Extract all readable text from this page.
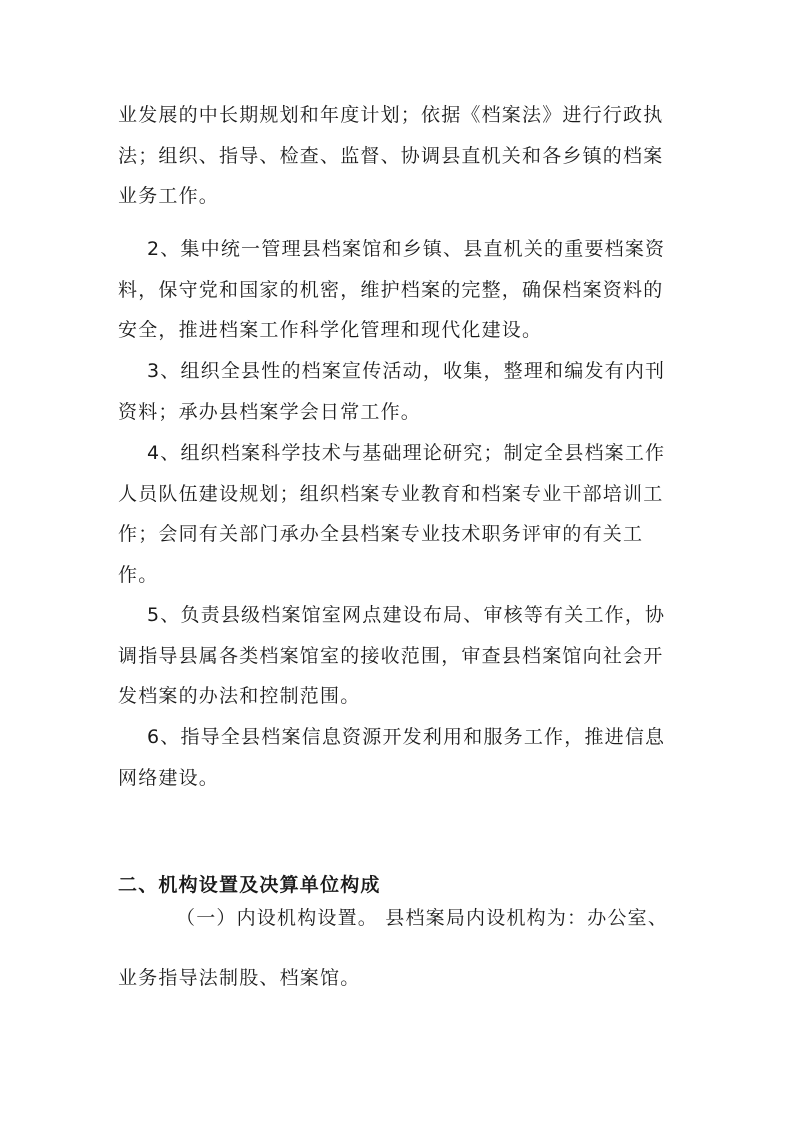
业发展的中长期规划和年度计划；依据《档案法》进行行政执法；组织、指导、检查、监督、协调县直机关和各乡镇的档案业务工作。

2、集中统一管理县档案馆和乡镇、县直机关的重要档案资料，保守党和国家的机密，维护档案的完整，确保档案资料的安全，推进档案工作科学化管理和现代化建设。

3、组织全县性的档案宣传活动，收集，整理和编发有内刊资料；承办县档案学会日常工作。

4、组织档案科学技术与基础理论研究；制定全县档案工作人员队伍建设规划；组织档案专业教育和档案专业干部培训工作；会同有关部门承办全县档案专业技术职务评审的有关工作。

5、负责县级档案馆室网点建设布局、审核等有关工作，协调指导县属各类档案馆室的接收范围，审查县档案馆向社会开发档案的办法和控制范围。

6、指导全县档案信息资源开发利用和服务工作，推进信息网络建设。

二、机构设置及决算单位构成

（一）内设机构设置。 县档案局内设机构为：办公室、

业务指导法制股、档案馆。
